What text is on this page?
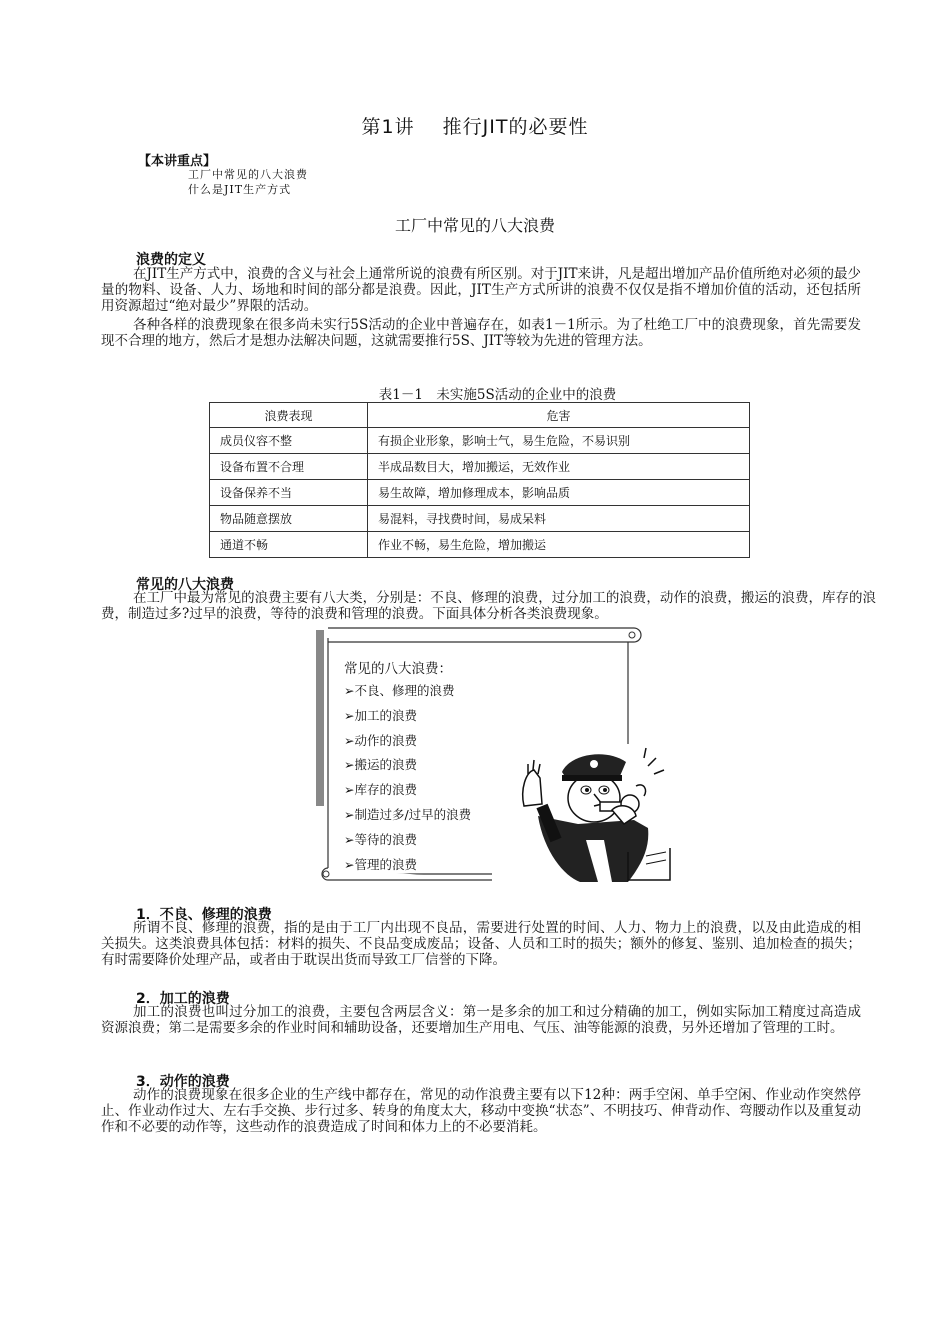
第1讲 推行JIT的必要性
【本讲重点】
工厂中常见的八大浪费
什么是JIT生产方式
工厂中常见的八大浪费
浪费的定义
在JIT生产方式中，浪费的含义与社会上通常所说的浪费有所区别。对于JIT来讲，凡是超出增加产品价值所绝对必须的最少量的物料、设备、人力、场地和时间的部分都是浪费。因此，JIT生产方式所讲的浪费不仅仅是指不增加价值的活动，还包括所用资源超过“绝对最少”界限的活动。
各种各样的浪费现象在很多尚未实行5S活动的企业中普遍存在，如表1－1所示。为了杜绝工厂中的浪费现象，首先需要发现不合理的地方，然后才是想办法解决问题，这就需要推行5S、JIT等较为先进的管理方法。
表1－1　未实施5S活动的企业中的浪费
浪费表现	危害
成员仪容不整	有损企业形象，影响士气，易生危险，不易识别
设备布置不合理	半成品数目大，增加搬运，无效作业
设备保养不当	易生故障，增加修理成本，影响品质
物品随意摆放	易混料，寻找费时间，易成呆料
通道不畅	作业不畅，易生危险，增加搬运
常见的八大浪费
在工厂中最为常见的浪费主要有八大类，分别是：不良、修理的浪费，过分加工的浪费，动作的浪费，搬运的浪费，库存的浪费，制造过多?过早的浪费，等待的浪费和管理的浪费。下面具体分析各类浪费现象。
常见的八大浪费：
➢不良、修理的浪费
➢加工的浪费
➢动作的浪费
➢搬运的浪费
➢库存的浪费
➢制造过多/过早的浪费
➢等待的浪费
➢管理的浪费
1．不良、修理的浪费
所谓不良、修理的浪费，指的是由于工厂内出现不良品，需要进行处置的时间、人力、物力上的浪费，以及由此造成的相关损失。这类浪费具体包括：材料的损失、不良品变成废品；设备、人员和工时的损失；额外的修复、鉴别、追加检查的损失；有时需要降价处理产品，或者由于耽误出货而导致工厂信誉的下降。
2．加工的浪费
加工的浪费也叫过分加工的浪费，主要包含两层含义：第一是多余的加工和过分精确的加工，例如实际加工精度过高造成资源浪费；第二是需要多余的作业时间和辅助设备，还要增加生产用电、气压、油等能源的浪费，另外还增加了管理的工时。
3．动作的浪费
动作的浪费现象在很多企业的生产线中都存在，常见的动作浪费主要有以下12种：两手空闲、单手空闲、作业动作突然停止、作业动作过大、左右手交换、步行过多、转身的角度太大，移动中变换“状态”、不明技巧、伸背动作、弯腰动作以及重复动作和不必要的动作等，这些动作的浪费造成了时间和体力上的不必要消耗。
